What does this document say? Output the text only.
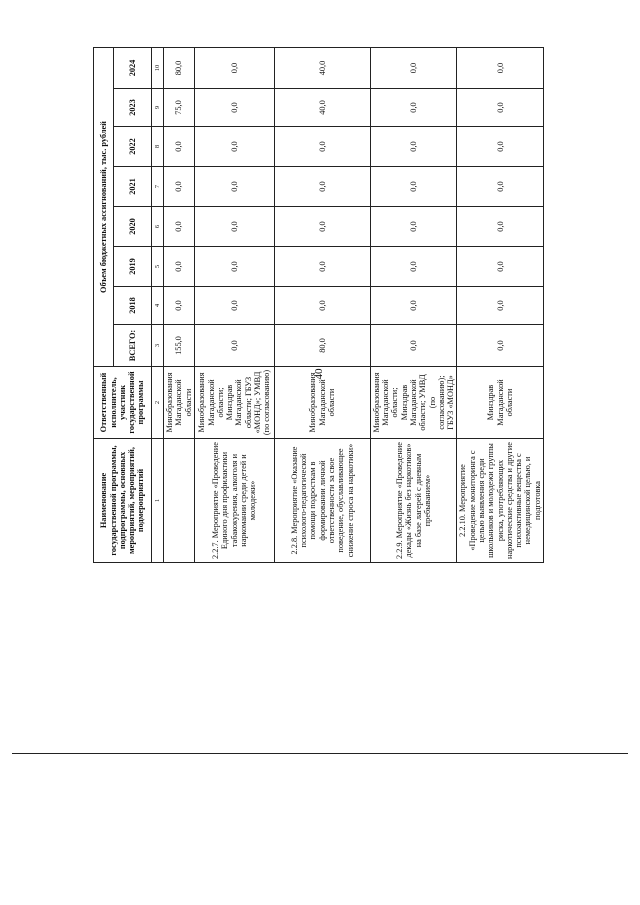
40
Наименование государственной программы, подпрограммы, основных мероприятий, мероприятий, подмероприятий	Ответственный исполнитель, участник государственной программы	Объем бюджетных ассигнований, тыс. рублей							
		ВСЕГО:	2018	2019	2020	2021	2022	2023	2024
1	2	3	4	5	6	7	8	9	10
	Минобразования Магаданской области	155,0	0,0	0,0	0,0	0,0	0,0	75,0	80,0
2.2.7. Мероприятие «Проведение Единого дня профилактики табакокурения, алкоголя и наркомании среди детей и молодежи»	Минобразования Магаданской области; Минздрав Магаданской области; ГБУЗ «МОНД»; УМВД (по согласованию)	0,0	0,0	0,0	0,0	0,0	0,0	0,0	0,0
2.2.8. Мероприятие «Оказание психолого-педагогической помощи подросткам в формировании личной ответственности за свое поведение, обуславливающее снижение спроса на наркотики»	Минобразования Магаданской области	80,0	0,0	0,0	0,0	0,0	0,0	40,0	40,0
2.2.9. Мероприятие «Проведение декады «Жизнь без наркотиков» на базе лагерей с дневным пребыванием»	Минобразования Магаданской области; Минздрав Магаданской области; УМВД (по согласованию); ГБУЗ «МОНД»	0,0	0,0	0,0	0,0	0,0	0,0	0,0	0,0
2.2.10. Мероприятие «Проведение мониторинга с целью выявления среди школьников и молодежи группы риска, употребляющих наркотические средства и другие психоактивные вещества с немедицинской целью, и подготовка	Минздрав Магаданской области	0,0	0,0	0,0	0,0	0,0	0,0	0,0	0,0
